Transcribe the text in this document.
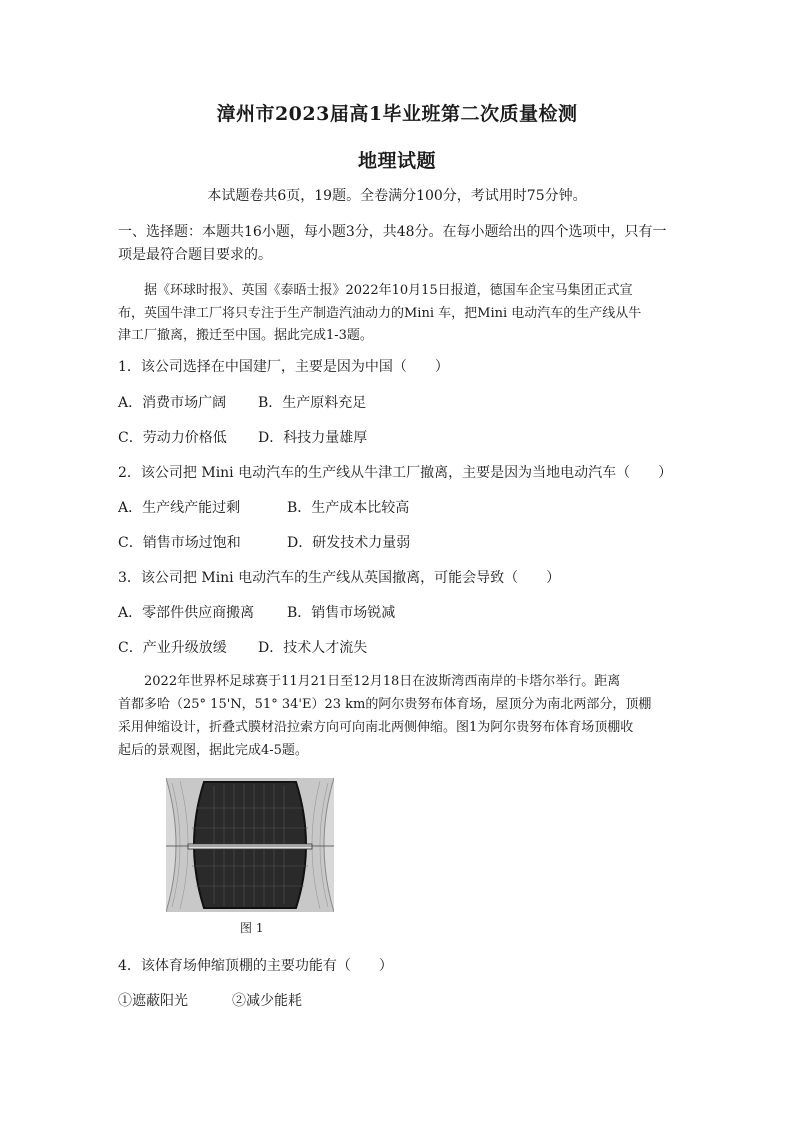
漳州市2023届高1毕业班第二次质量检测
地理试题
本试题卷共6页，19题。全卷满分100分，考试用时75分钟。
一、选择题：本题共16小题，每小题3分，共48分。在每小题给出的四个选项中，只有一
项是最符合题目要求的。
据《环球时报》、英国《泰晤士报》2022年10月15日报道，德国车企宝马集团正式宣
布，英国牛津工厂将只专注于生产制造汽油动力的Mini 车，把Mini 电动汽车的生产线从牛
津工厂撤离，搬迁至中国。据此完成1-3题。
1．该公司选择在中国建厂，主要是因为中国（　　）
A．消费市场广阔 B．生产原料充足
C．劳动力价格低 D．科技力量雄厚
2．该公司把 Mini 电动汽车的生产线从牛津工厂撤离，主要是因为当地电动汽车（　　）
A．生产线产能过剩	B．生产成本比较高
C．销售市场过饱和	D．研发技术力量弱
3．该公司把 Mini 电动汽车的生产线从英国撤离，可能会导致（　　）
A．零部件供应商搬离 B．销售市场锐减
C．产业升级放缓 D．技术人才流失
2022年世界杯足球赛于11月21日至12月18日在波斯湾西南岸的卡塔尔举行。距离
首都多哈（25° 15'N，51° 34'E）23 km的阿尔贵努布体育场，屋顶分为南北两部分，顶棚
采用伸缩设计，折叠式膜材沿拉索方向可向南北两侧伸缩。图1为阿尔贵努布体育场顶棚收
起后的景观图，据此完成4-5题。
图 1
4．该体育场伸缩顶棚的主要功能有（　　）
①遮蔽阳光	②减少能耗
